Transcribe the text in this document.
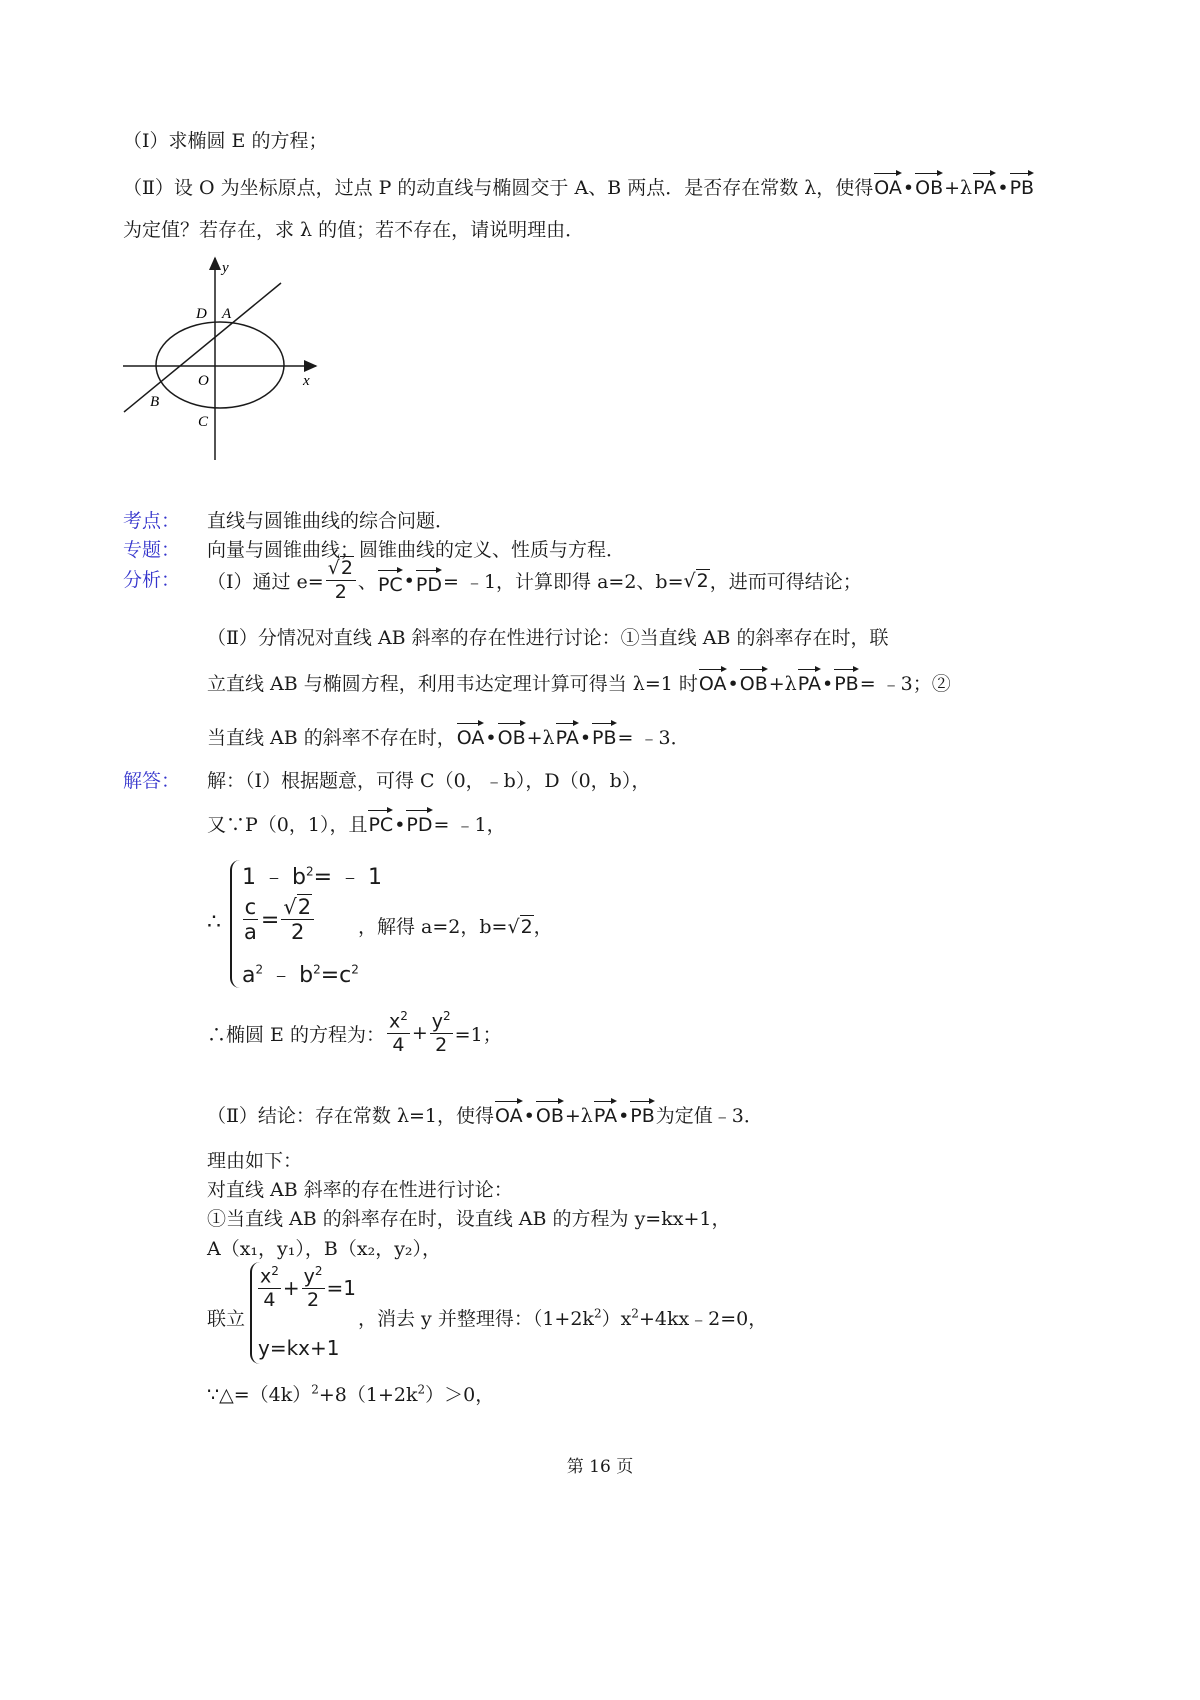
（Ⅰ）求椭圆 E 的方程；
（Ⅱ）设 O 为坐标原点，过点 P 的动直线与椭圆交于 A、B 两点．是否存在常数 λ，使得OA•OB+λPA•PB
为定值？若存在，求 λ 的值；若不存在，请说明理由．
y
x
O
A
D
B
C
考点： 直线与圆锥曲线的综合问题．
专题： 向量与圆锥曲线；圆锥曲线的定义、性质与方程．
分析： （Ⅰ）通过 $e= \frac{√2}{2}$ 、 PC • PD = ﹣1，计算即得 a=2、b= √2 ，进而可得结论；
（Ⅱ）分情况对直线 AB 斜率的存在性进行讨论：①当直线 AB 的斜率存在时，联
立直线 AB 与椭圆方程，利用韦达定理计算可得当 λ=1 时OA•OB+λPA•PB= ﹣3；②
当直线 AB 的斜率不存在时，OA•OB+λPA•PB= ﹣3．
解答： 解：（Ⅰ）根据题意，可得 C（0，﹣b），D（0，b），
又∵P（0，1），且PC•PD= ﹣1，
∴
1 ﹣ $b^2=$ ﹣ 1
$\frac{c}{a} = \frac{√2}{2}$
$a^2$ ﹣ $b^2=c^2$
，解得 a=2，b=√2，
∴椭圆 E 的方程为： $\frac{x^2}{4} + \frac{y^2}{2} =1$；
（Ⅱ）结论：存在常数 λ=1，使得OA•OB+λPA•PB为定值﹣3．
理由如下：
对直线 AB 斜率的存在性进行讨论：
①当直线 AB 的斜率存在时，设直线 AB 的方程为 y=kx+1，
A（x₁，y₁），B（x₂，y₂），
联立
$\frac{x^2}{4} + \frac{y^2}{2} =1$
y=kx+1
，消去 y 并整理得：$(1+2k^2)x^2+4kx﹣2=0$，
$\because\triangle=(4k)^2+8(1+2k^2)>0$，
第 16 页
